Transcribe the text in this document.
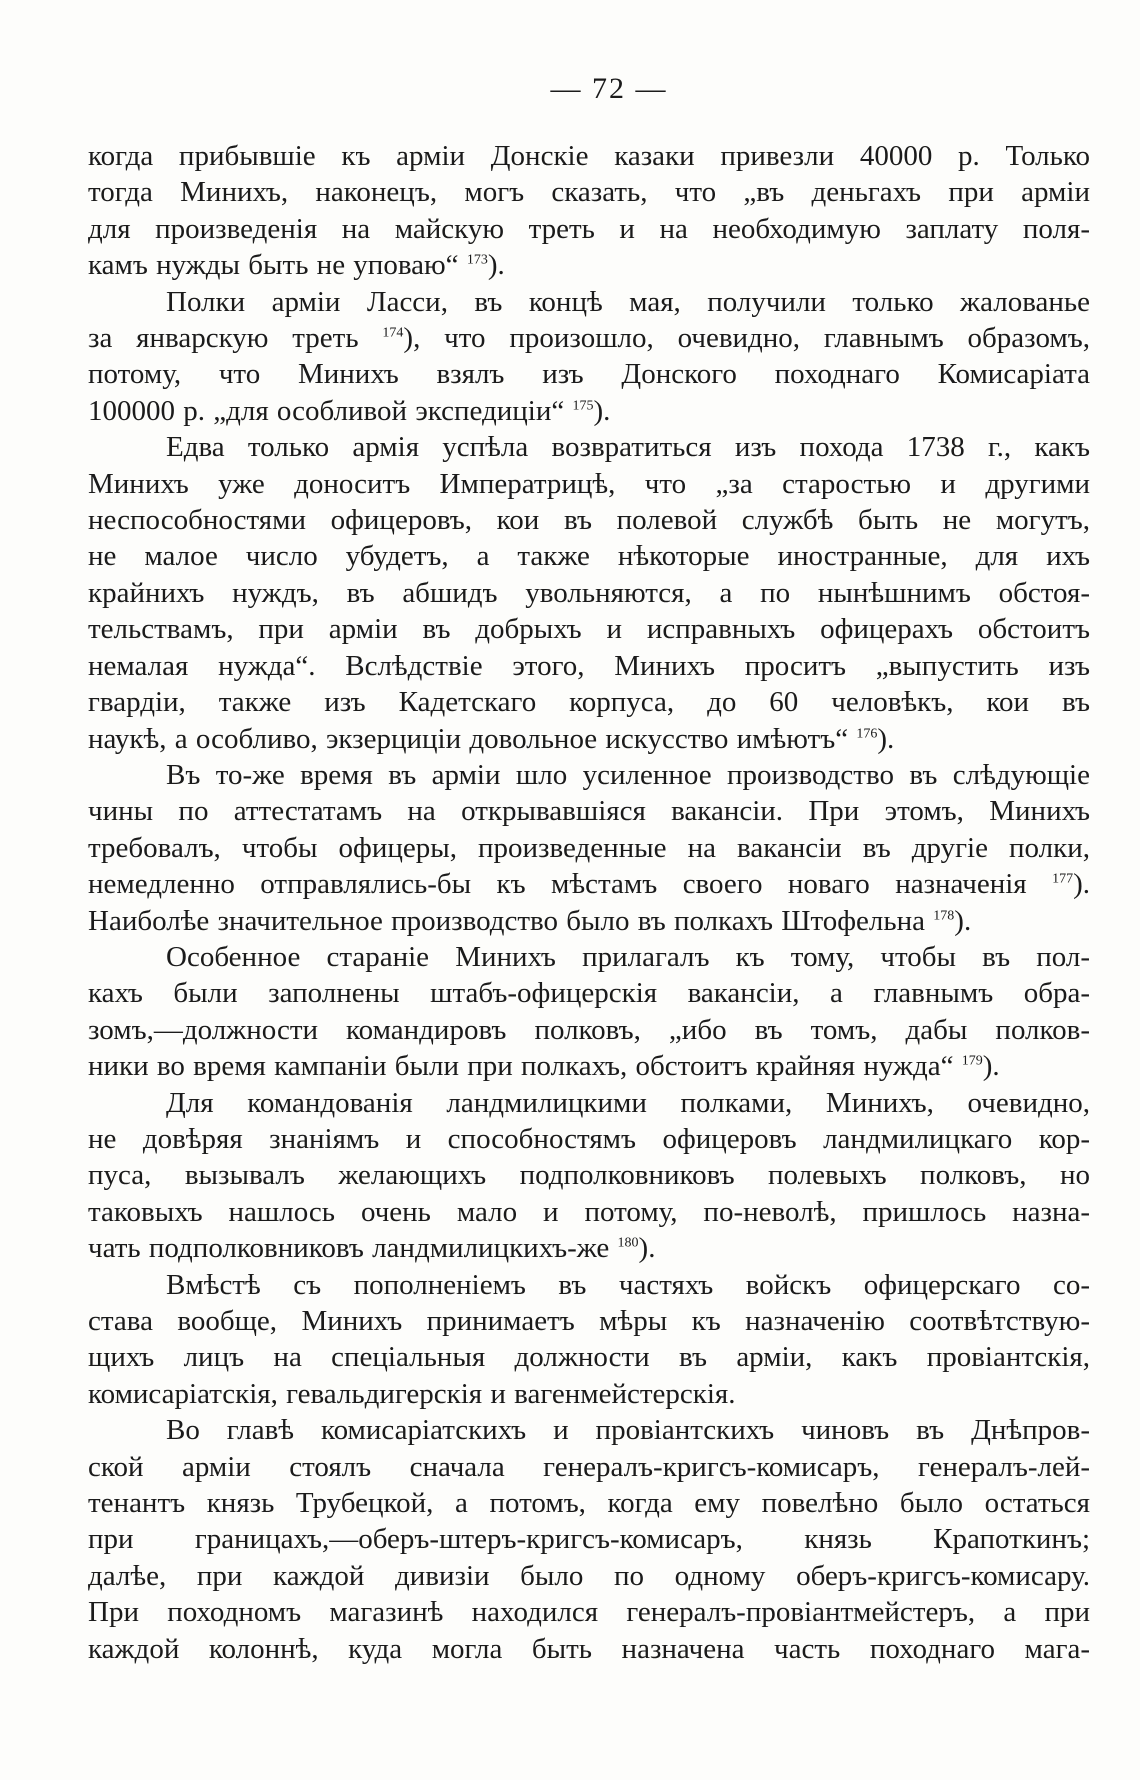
— 72 —
когда прибывшіе къ арміи Донскіе казаки привезли 40000 р. Только
тогда Минихъ, наконецъ, могъ сказать, что „въ деньгахъ при арміи
для произведенія на майскую треть и на необходимую заплату поля-
камъ нужды быть не уповаю“ $^{173}$).
Полки арміи Ласси, въ концѣ мая, получили только жалованье
за январскую треть $^{174}$), что произошло, очевидно, главнымъ образомъ,
потому, что Минихъ взялъ изъ Донского походнаго Комисаріата
100000 р. „для особливой экспедиціи“ $^{175}$).
Едва только армія успѣла возвратиться изъ похода 1738 г., какъ
Минихъ уже доноситъ Императрицѣ, что „за старостью и другими
неспособностями офицеровъ, кои въ полевой службѣ быть не могутъ,
не малое число убудетъ, а также нѣкоторые иностранные, для ихъ
крайнихъ нуждъ, въ абшидъ увольняются, а по нынѣшнимъ обстоя-
тельствамъ, при арміи въ добрыхъ и исправныхъ офицерахъ обстоитъ
немалая нужда“. Вслѣдствіе этого, Минихъ проситъ „выпустить изъ
гвардіи, также изъ Кадетскаго корпуса, до 60 человѣкъ, кои въ
наукѣ, а особливо, экзерциціи довольное искусство имѣютъ“ $^{176}$).
Въ то-же время въ арміи шло усиленное производство въ слѣдующіе
чины по аттестатамъ на открывавшіяся вакансіи. При этомъ, Минихъ
требовалъ, чтобы офицеры, произведенные на вакансіи въ другіе полки,
немедленно отправлялись-бы къ мѣстамъ своего новаго назначенія $^{177}$).
Наиболѣе значительное производство было въ полкахъ Штофельна $^{178}$).
Особенное стараніе Минихъ прилагалъ къ тому, чтобы въ пол-
кахъ были заполнены штабъ-офицерскія вакансіи, а главнымъ обра-
зомъ,—должности командировъ полковъ, „ибо въ томъ, дабы полков-
ники во время кампаніи были при полкахъ, обстоитъ крайняя нужда“ $^{179}$).
Для командованія ландмилицкими полками, Минихъ, очевидно,
не довѣряя знаніямъ и способностямъ офицеровъ ландмилицкаго кор-
пуса, вызывалъ желающихъ подполковниковъ полевыхъ полковъ, но
таковыхъ нашлось очень мало и потому, по-неволѣ, пришлось назна-
чать подполковниковъ ландмилицкихъ-же $^{180}$).
Вмѣстѣ съ пополненіемъ въ частяхъ войскъ офицерскаго со-
става вообще, Минихъ принимаетъ мѣры къ назначенію соотвѣтствую-
щихъ лицъ на спеціальныя должности въ арміи, какъ провіантскія,
комисаріатскія, гевальдигерскія и вагенмейстерскія.
Во главѣ комисаріатскихъ и провіантскихъ чиновъ въ Днѣпров-
ской арміи стоялъ сначала генералъ-кригсъ-комисаръ, генералъ-лей-
тенантъ князь Трубецкой, а потомъ, когда ему повелѣно было остаться
при границахъ,—оберъ-штеръ-кригсъ-комисаръ, князь Крапоткинъ;
далѣе, при каждой дивизіи было по одному оберъ-кригсъ-комисару.
При походномъ магазинѣ находился генералъ-провіантмейстеръ, а при
каждой колоннѣ, куда могла быть назначена часть походнаго мага-
